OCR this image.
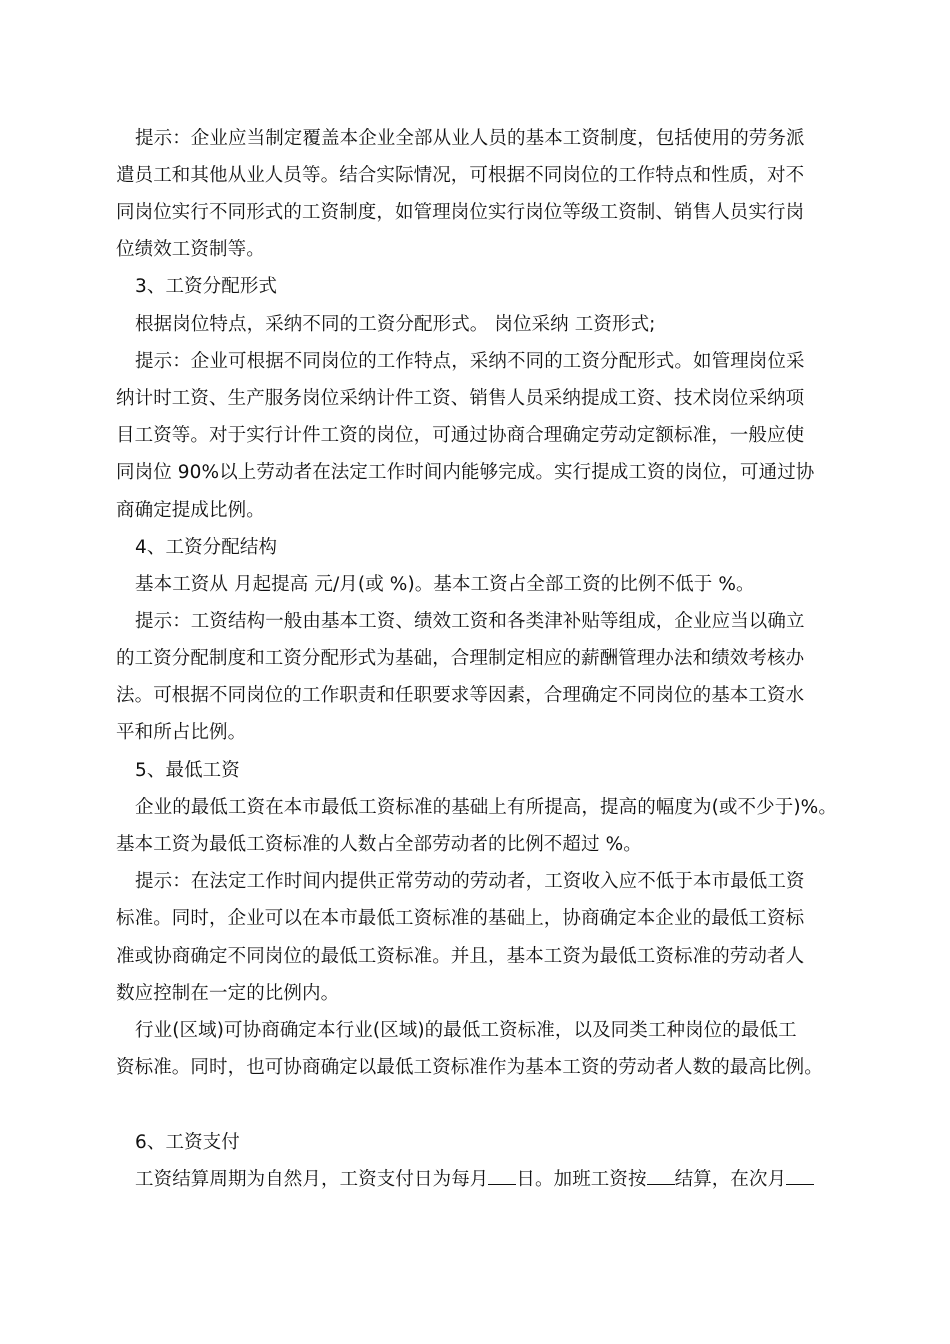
提示：企业应当制定覆盖本企业全部从业人员的基本工资制度，包括使用的劳务派
遣员工和其他从业人员等。结合实际情况，可根据不同岗位的工作特点和性质，对不
同岗位实行不同形式的工资制度，如管理岗位实行岗位等级工资制、销售人员实行岗
位绩效工资制等。
3、工资分配形式
根据岗位特点，采纳不同的工资分配形式。 岗位采纳 工资形式;
提示：企业可根据不同岗位的工作特点，采纳不同的工资分配形式。如管理岗位采
纳计时工资、生产服务岗位采纳计件工资、销售人员采纳提成工资、技术岗位采纳项
目工资等。对于实行计件工资的岗位，可通过协商合理确定劳动定额标准，一般应使
同岗位 90%以上劳动者在法定工作时间内能够完成。实行提成工资的岗位，可通过协
商确定提成比例。
4、工资分配结构
基本工资从 月起提高 元/月(或 %)。基本工资占全部工资的比例不低于 %。
提示：工资结构一般由基本工资、绩效工资和各类津补贴等组成，企业应当以确立
的工资分配制度和工资分配形式为基础，合理制定相应的薪酬管理办法和绩效考核办
法。可根据不同岗位的工作职责和任职要求等因素，合理确定不同岗位的基本工资水
平和所占比例。
5、最低工资
企业的最低工资在本市最低工资标准的基础上有所提高，提高的幅度为(或不少于)%。
基本工资为最低工资标准的人数占全部劳动者的比例不超过 %。
提示：在法定工作时间内提供正常劳动的劳动者，工资收入应不低于本市最低工资
标准。同时，企业可以在本市最低工资标准的基础上，协商确定本企业的最低工资标
准或协商确定不同岗位的最低工资标准。并且，基本工资为最低工资标准的劳动者人
数应控制在一定的比例内。
行业(区域)可协商确定本行业(区域)的最低工资标准，以及同类工种岗位的最低工
资标准。同时，也可协商确定以最低工资标准作为基本工资的劳动者人数的最高比例。
6、工资支付
工资结算周期为自然月，工资支付日为每月 日。加班工资按 结算，在次月
